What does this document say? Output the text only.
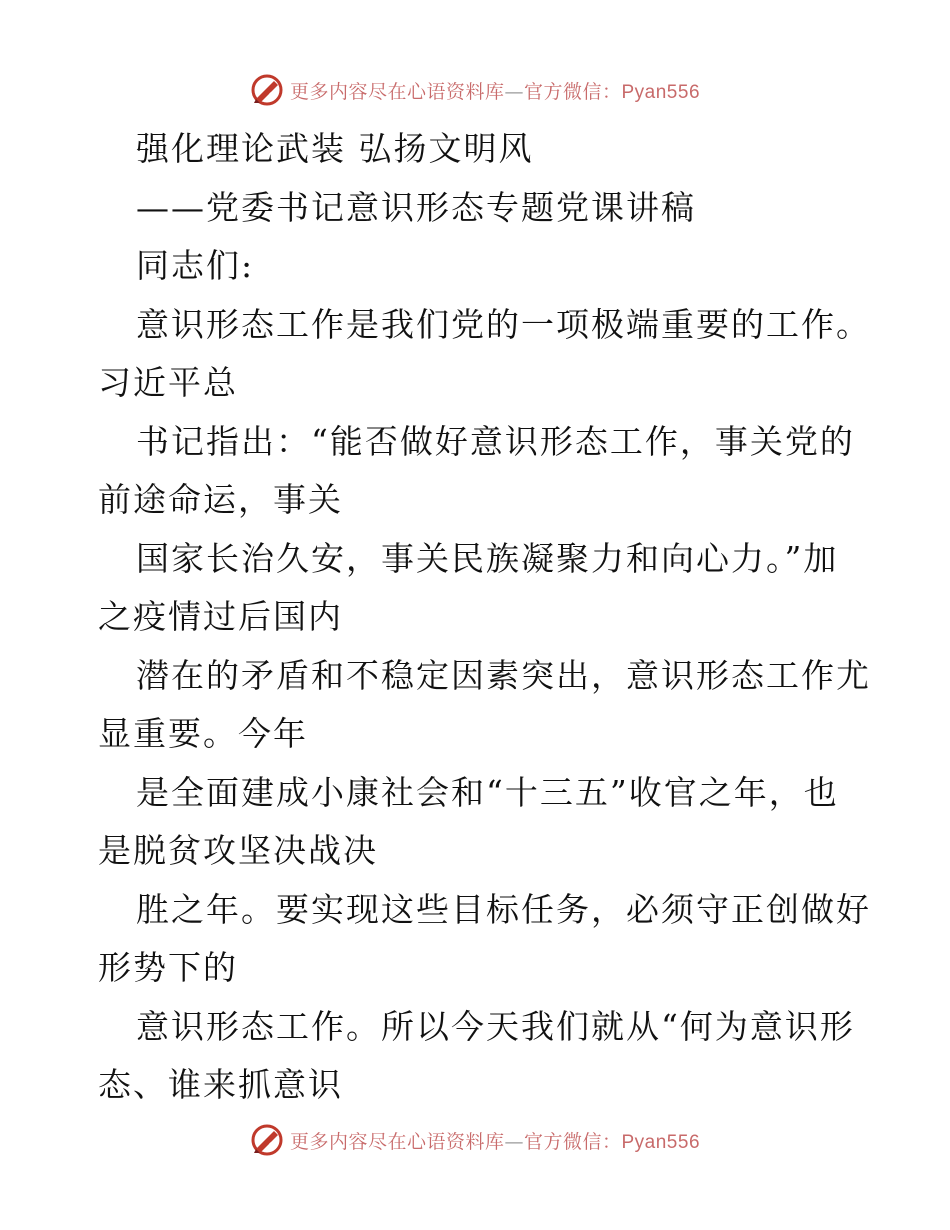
更多内容尽在心语资料库—官方微信：Pyan556
强化理论武装 弘扬文明风
——党委书记意识形态专题党课讲稿
同志们:
意识形态工作是我们党的一项极端重要的工作。
习近平总
书记指出：“能否做好意识形态工作，事关党的
前途命运，事关
国家长治久安，事关民族凝聚力和向心力。”加
之疫情过后国内
潜在的矛盾和不稳定因素突出，意识形态工作尤
显重要。今年
是全面建成小康社会和“十三五”收官之年，也
是脱贫攻坚决战决
胜之年。要实现这些目标任务，必须守正创做好
形势下的
意识形态工作。所以今天我们就从“何为意识形
态、谁来抓意识
更多内容尽在心语资料库—官方微信：Pyan556
